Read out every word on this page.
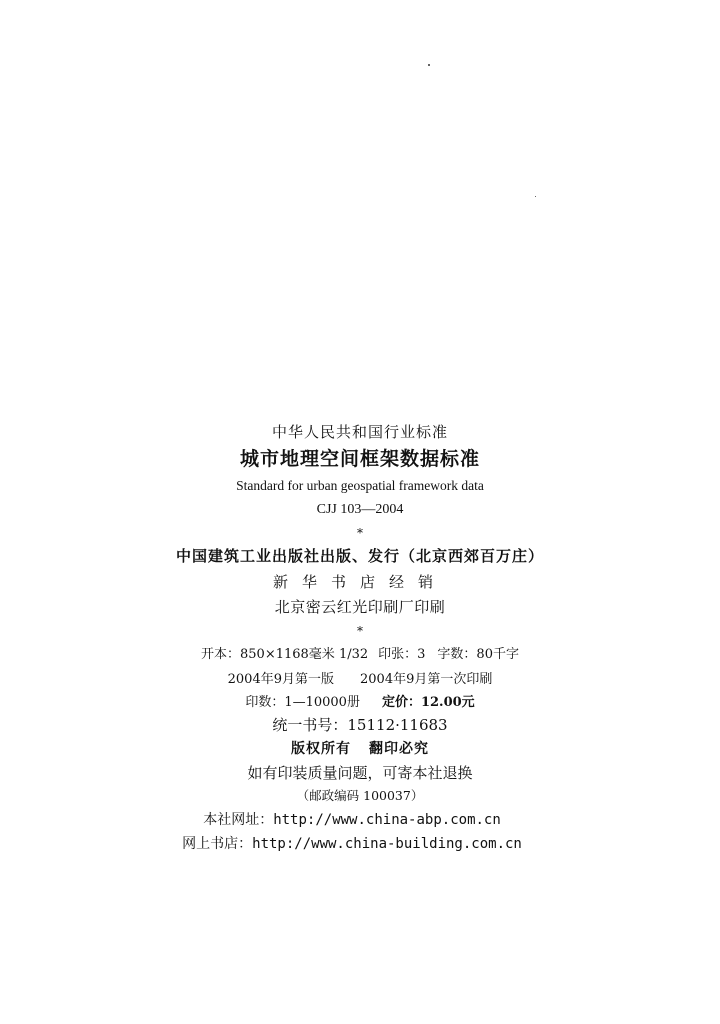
中华人民共和国行业标准
城市地理空间框架数据标准
Standard for urban geospatial framework data
CJJ 103—2004
*
中国建筑工业出版社出版、发行（北京西郊百万庄）
新华书店经销
北京密云红光印刷厂印刷
*
开本：850×1168毫米 1/32 印张：3 字数：80千字
2004年9月第一版 2004年9月第一次印刷
印数：1—10000册 定价：12.00元
统一书号：15112·11683
版权所有 翻印必究
如有印装质量问题，可寄本社退换
（邮政编码 100037）
本社网址：http://www.china-abp.com.cn
网上书店：http://www.china-building.com.cn
